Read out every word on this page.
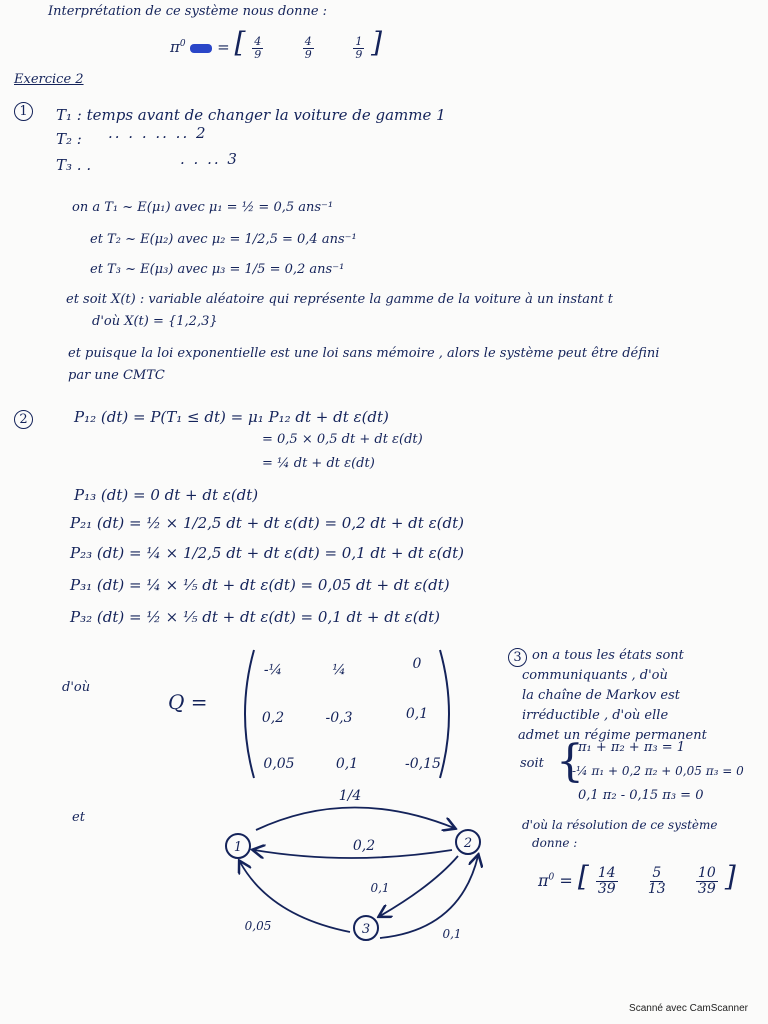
Interprétation de ce système nous donne :
$\pi^0$  = [ $\frac{4}{9}$
	$\frac{4}{9}$
	$\frac{1}{9}$ ]
Exercice 2
1	T₁ : temps avant de changer la voiture de gamme 1
T₂ : .. . . .. .. 2
T₃ . .	. . .. 3
on a T₁ ~ E(μ₁) avec μ₁ = ½ = 0,5 ans⁻¹
et T₂ ~ E(μ₂) avec μ₂ = 1/2,5 = 0,4 ans⁻¹
et T₃ ~ E(μ₃) avec μ₃ = 1/5 = 0,2 ans⁻¹
et soit X(t) : variable aléatoire qui représente la gamme de la voiture à un instant t
d'où X(t) = {1,2,3}
et puisque la loi exponentielle est une loi sans mémoire , alors le système peut être défini
par une CMTC
2	P₁₂ (dt) = P(T₁ ≤ dt) = μ₁ P₁₂ dt + dt ε(dt)
= 0,5 × 0,5 dt + dt ε(dt)
= ¼ dt + dt ε(dt)
P₁₃ (dt) = 0 dt + dt ε(dt)
P₂₁ (dt) = ½ × 1/2,5 dt + dt ε(dt) = 0,2 dt + dt ε(dt)
P₂₃ (dt) = ¼ × 1/2,5 dt + dt ε(dt) = 0,1 dt + dt ε(dt)
P₃₁ (dt) = ¼ × ⅕ dt + dt ε(dt) = 0,05 dt + dt ε(dt)
P₃₂ (dt) = ½ × ⅕ dt + dt ε(dt) = 0,1 dt + dt ε(dt)
d'où
Q =
-¼	¼	0
0,2	-0,3	0,1
0,05	0,1	-0,15
3 on a tous les états sont
communiquants , d'où
la chaîne de Markov est
irréductible , d'où elle
admet un régime permanent
soit {
π₁ + π₂ + π₃ = 1
-¼ π₁ + 0,2 π₂ + 0,05 π₃ = 0
0,1 π₂ - 0,15 π₃ = 0
d'où la résolution de ce système
donne :
$\pi^0$ = [ $\frac{14}{39}$
$\frac{5}{13}$
$\frac{10}{39}$ ]
et
1	2
3
1/4
0,2
0,1
0,05
0,1
Scanné avec CamScanner
